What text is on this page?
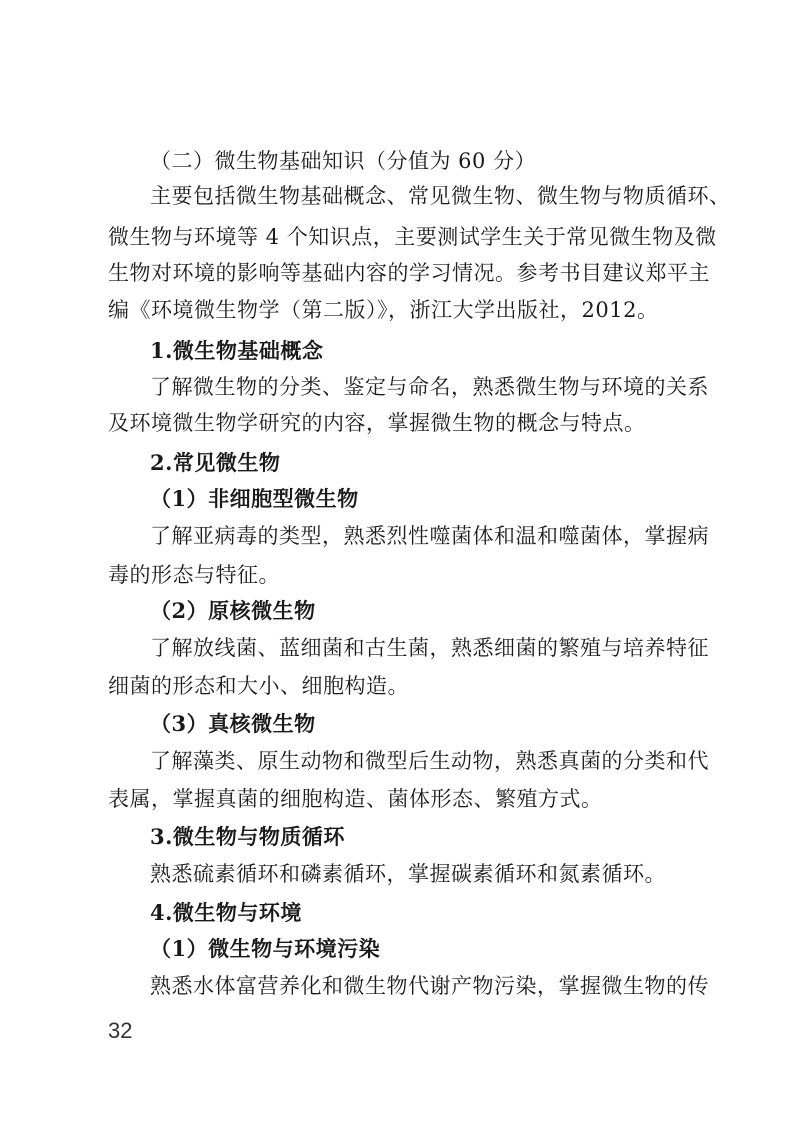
（二）微生物基础知识（分值为 60 分）
主要包括微生物基础概念、常见微生物、微生物与物质循环、
微生物与环境等 4 个知识点，主要测试学生关于常见微生物及微
生物对环境的影响等基础内容的学习情况。参考书目建议郑平主
编《环境微生物学（第二版）》，浙江大学出版社，2012。
1.微生物基础概念
了解微生物的分类、鉴定与命名，熟悉微生物与环境的关系
及环境微生物学研究的内容，掌握微生物的概念与特点。
2.常见微生物
（1）非细胞型微生物
了解亚病毒的类型，熟悉烈性噬菌体和温和噬菌体，掌握病
毒的形态与特征。
（2）原核微生物
了解放线菌、蓝细菌和古生菌，熟悉细菌的繁殖与培养特征
细菌的形态和大小、细胞构造。
（3）真核微生物
了解藻类、原生动物和微型后生动物，熟悉真菌的分类和代
表属，掌握真菌的细胞构造、菌体形态、繁殖方式。
3.微生物与物质循环
熟悉硫素循环和磷素循环，掌握碳素循环和氮素循环。
4.微生物与环境
（1）微生物与环境污染
熟悉水体富营养化和微生物代谢产物污染，掌握微生物的传
32
